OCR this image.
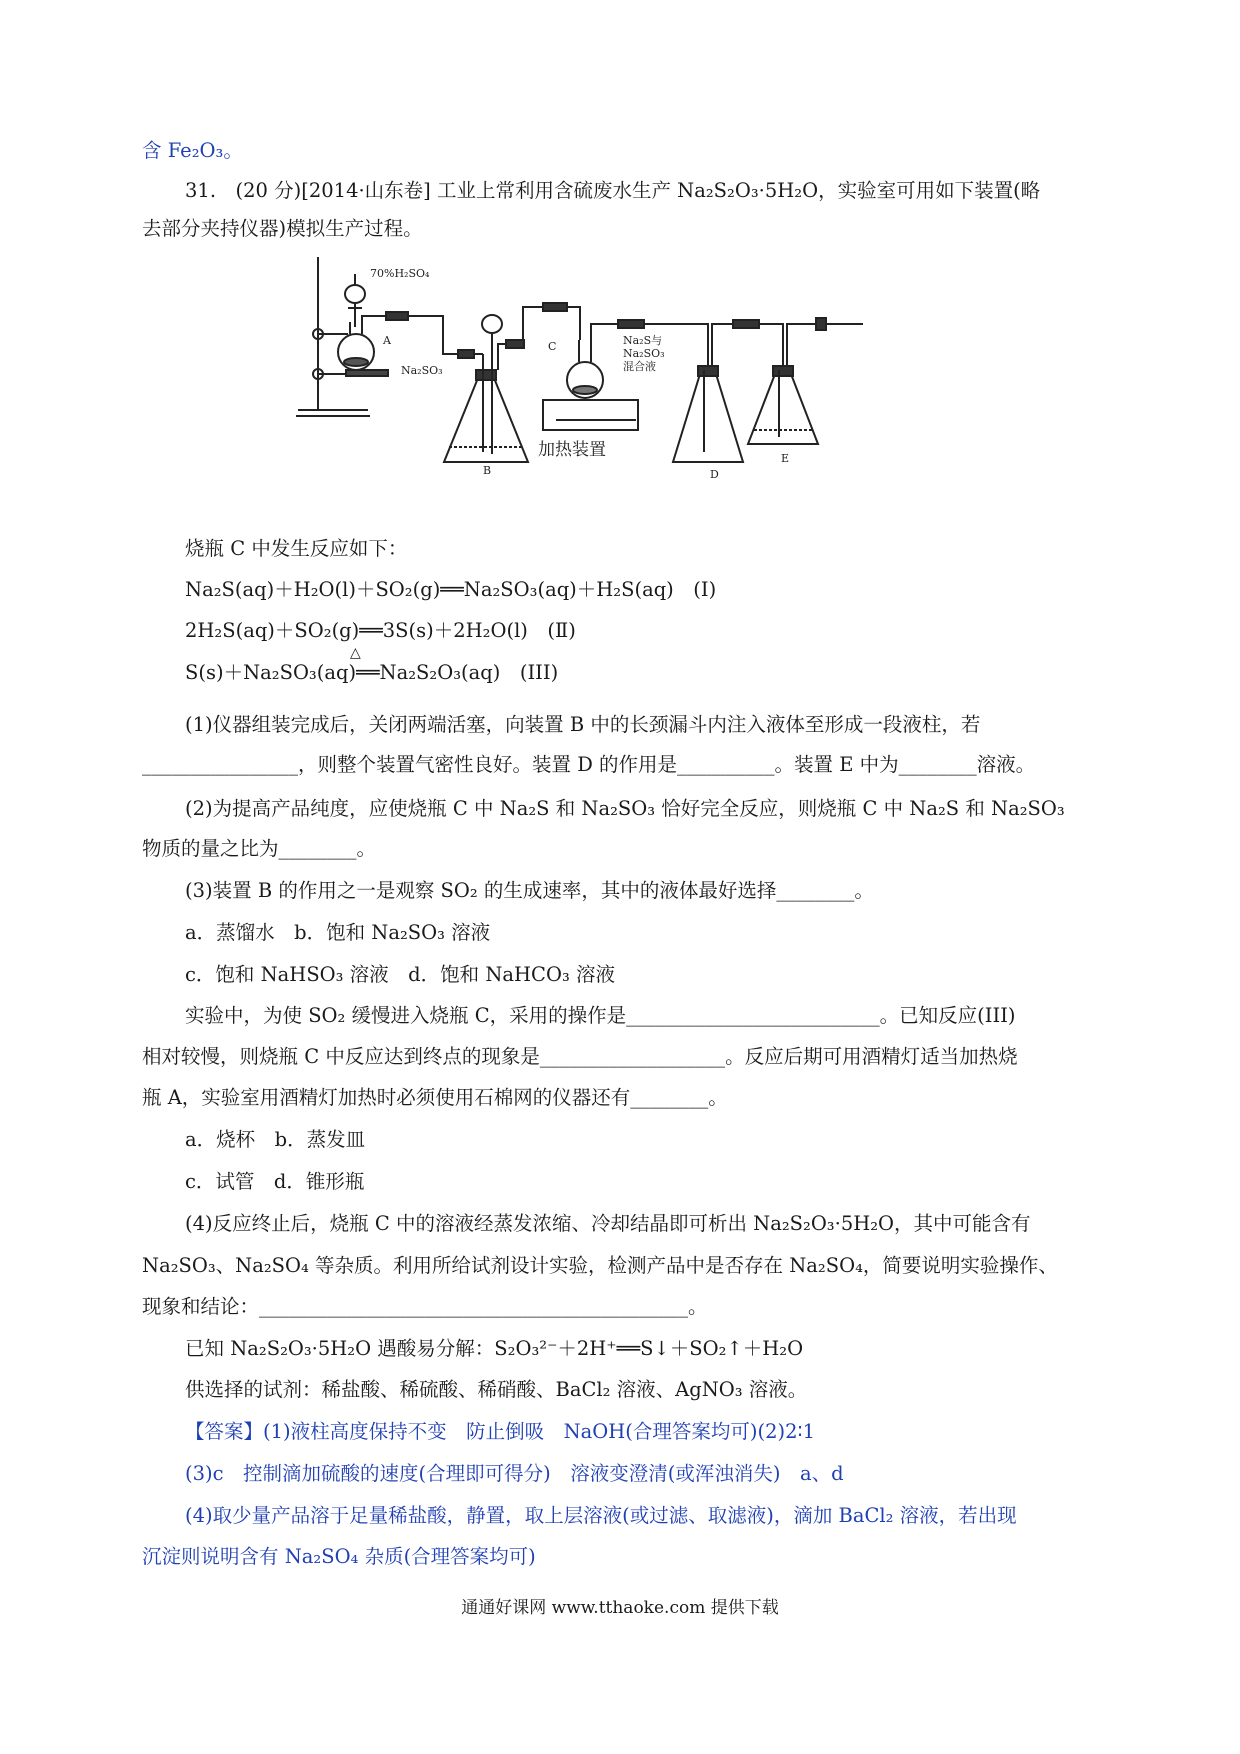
含 Fe₂O₃。
31.　(20 分)[2014·山东卷] 工业上常利用含硫废水生产 Na₂S₂O₃·5H₂O，实验室可用如下装置(略
去部分夹持仪器)模拟生产过程。
70%H₂SO₄
A
Na₂SO₃
B
C	Na₂S与
Na₂SO₃
混合液
D
E
加热装置
烧瓶 C 中发生反应如下：
Na₂S(aq)＋H₂O(l)＋SO₂(g)══Na₂SO₃(aq)＋H₂S(aq)　(Ⅰ)
2H₂S(aq)＋SO₂(g)══3S(s)＋2H₂O(l)　(Ⅱ)
S(s)＋Na₂SO₃(aq)══Na₂S₂O₃(aq)　(III)
△
(1)仪器组装完成后，关闭两端活塞，向装置 B 中的长颈漏斗内注入液体至形成一段液柱，若
________________，则整个装置气密性良好。装置 D 的作用是__________。装置 E 中为________溶液。
(2)为提高产品纯度，应使烧瓶 C 中 Na₂S 和 Na₂SO₃ 恰好完全反应，则烧瓶 C 中 Na₂S 和 Na₂SO₃
物质的量之比为________。
(3)装置 B 的作用之一是观察 SO₂ 的生成速率，其中的液体最好选择________。
a．蒸馏水　b．饱和 Na₂SO₃ 溶液
c．饱和 NaHSO₃ 溶液　d．饱和 NaHCO₃ 溶液
实验中，为使 SO₂ 缓慢进入烧瓶 C，采用的操作是__________________________。已知反应(III)
相对较慢，则烧瓶 C 中反应达到终点的现象是___________________。反应后期可用酒精灯适当加热烧
瓶 A，实验室用酒精灯加热时必须使用石棉网的仪器还有________。
a．烧杯　b．蒸发皿
c．试管　d．锥形瓶
(4)反应终止后，烧瓶 C 中的溶液经蒸发浓缩、冷却结晶即可析出 Na₂S₂O₃·5H₂O，其中可能含有
Na₂SO₃、Na₂SO₄ 等杂质。利用所给试剂设计实验，检测产品中是否存在 Na₂SO₄，简要说明实验操作、
现象和结论：____________________________________________。
已知 Na₂S₂O₃·5H₂O 遇酸易分解：S₂O₃²⁻＋2H⁺══S↓＋SO₂↑＋H₂O
供选择的试剂：稀盐酸、稀硫酸、稀硝酸、BaCl₂ 溶液、AgNO₃ 溶液。
【答案】(1)液柱高度保持不变　防止倒吸　NaOH(合理答案均可)(2)2∶1
(3)c　控制滴加硫酸的速度(合理即可得分)　溶液变澄清(或浑浊消失)　a、d
(4)取少量产品溶于足量稀盐酸，静置，取上层溶液(或过滤、取滤液)，滴加 BaCl₂ 溶液，若出现
沉淀则说明含有 Na₂SO₄ 杂质(合理答案均可)
通通好课网 www.tthaoke.com 提供下载
